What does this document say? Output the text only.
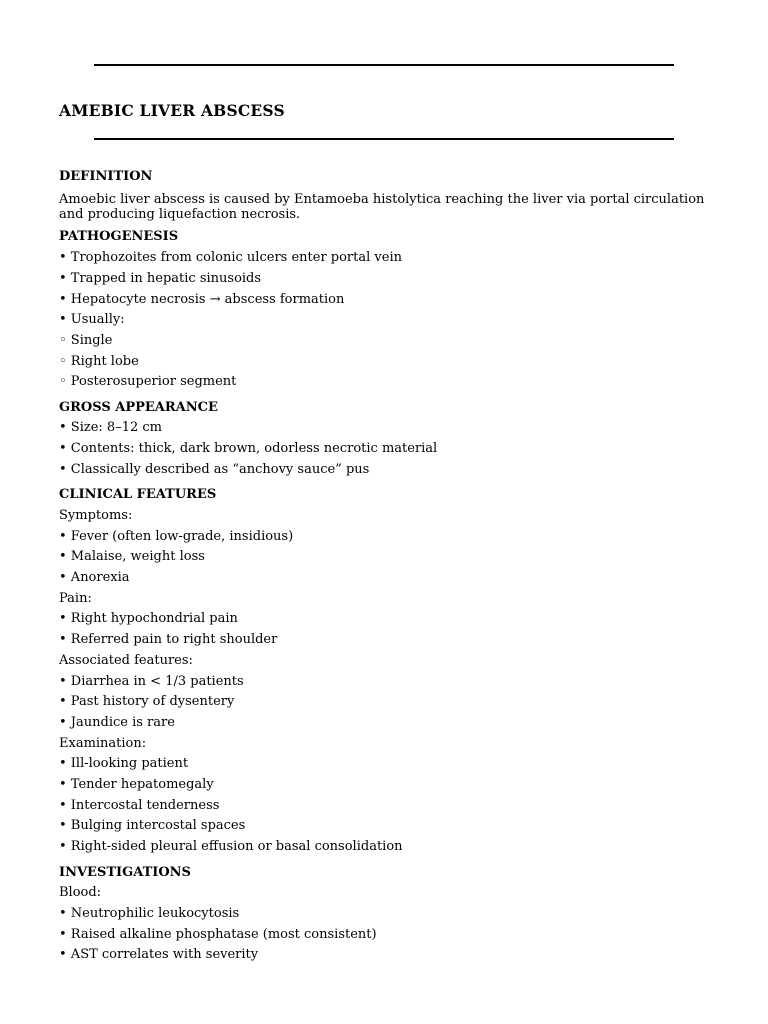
AMEBIC LIVER ABSCESS
DEFINITION
Amoebic liver abscess is caused by Entamoeba histolytica reaching the liver via portal circulation and producing liquefaction necrosis.
PATHOGENESIS
• Trophozoites from colonic ulcers enter portal vein
• Trapped in hepatic sinusoids
• Hepatocyte necrosis → abscess formation
• Usually:
◦ Single
◦ Right lobe
◦ Posterosuperior segment
GROSS APPEARANCE
• Size: 8–12 cm
• Contents: thick, dark brown, odorless necrotic material
• Classically described as “anchovy sauce” pus
CLINICAL FEATURES
Symptoms:
• Fever (often low-grade, insidious)
• Malaise, weight loss
• Anorexia
Pain:
• Right hypochondrial pain
• Referred pain to right shoulder
Associated features:
• Diarrhea in < 1/3 patients
• Past history of dysentery
• Jaundice is rare
Examination:
• Ill-looking patient
• Tender hepatomegaly
• Intercostal tenderness
• Bulging intercostal spaces
• Right-sided pleural effusion or basal consolidation
INVESTIGATIONS
Blood:
• Neutrophilic leukocytosis
• Raised alkaline phosphatase (most consistent)
• AST correlates with severity
